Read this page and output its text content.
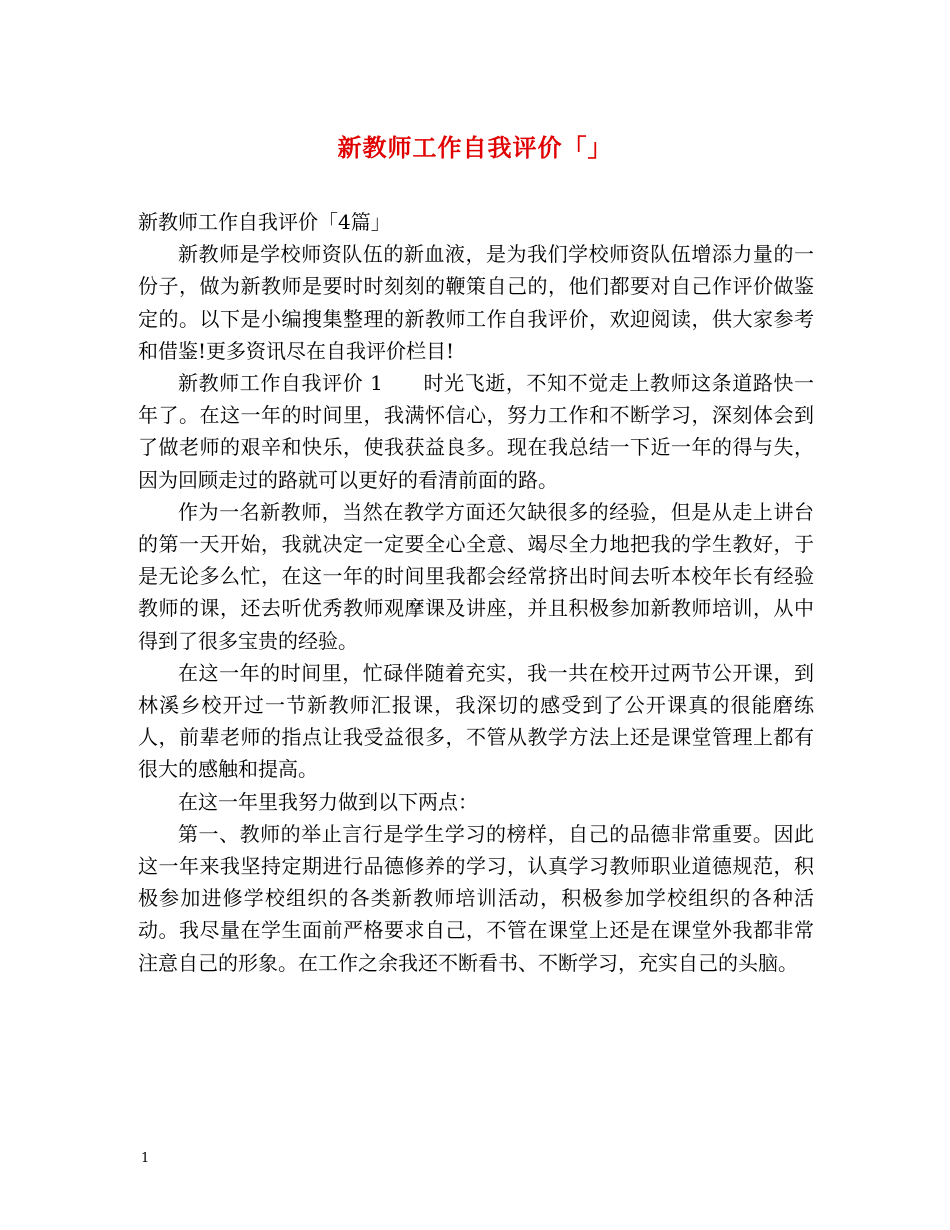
新教师工作自我评价「」

新教师工作自我评价「4篇」

新教师是学校师资队伍的新血液，是为我们学校师资队伍增添力量的一份子，做为新教师是要时时刻刻的鞭策自己的，他们都要对自己作评价做鉴定的。以下是小编搜集整理的新教师工作自我评价，欢迎阅读，供大家参考和借鉴!更多资讯尽在自我评价栏目!

新教师工作自我评价 1 时光飞逝，不知不觉走上教师这条道路快一年了。在这一年的时间里，我满怀信心，努力工作和不断学习，深刻体会到了做老师的艰辛和快乐，使我获益良多。现在我总结一下近一年的得与失，因为回顾走过的路就可以更好的看清前面的路。

作为一名新教师，当然在教学方面还欠缺很多的经验，但是从走上讲台的第一天开始，我就决定一定要全心全意、竭尽全力地把我的学生教好，于是无论多么忙，在这一年的时间里我都会经常挤出时间去听本校年长有经验教师的课，还去听优秀教师观摩课及讲座，并且积极参加新教师培训，从中得到了很多宝贵的经验。

在这一年的时间里，忙碌伴随着充实，我一共在校开过两节公开课，到林溪乡校开过一节新教师汇报课，我深切的感受到了公开课真的很能磨练人，前辈老师的指点让我受益很多，不管从教学方法上还是课堂管理上都有很大的感触和提高。

在这一年里我努力做到以下两点：

第一、教师的举止言行是学生学习的榜样，自己的品德非常重要。因此这一年来我坚持定期进行品德修养的学习，认真学习教师职业道德规范，积极参加进修学校组织的各类新教师培训活动，积极参加学校组织的各种活动。我尽量在学生面前严格要求自己，不管在课堂上还是在课堂外我都非常注意自己的形象。在工作之余我还不断看书、不断学习，充实自己的头脑。

1
